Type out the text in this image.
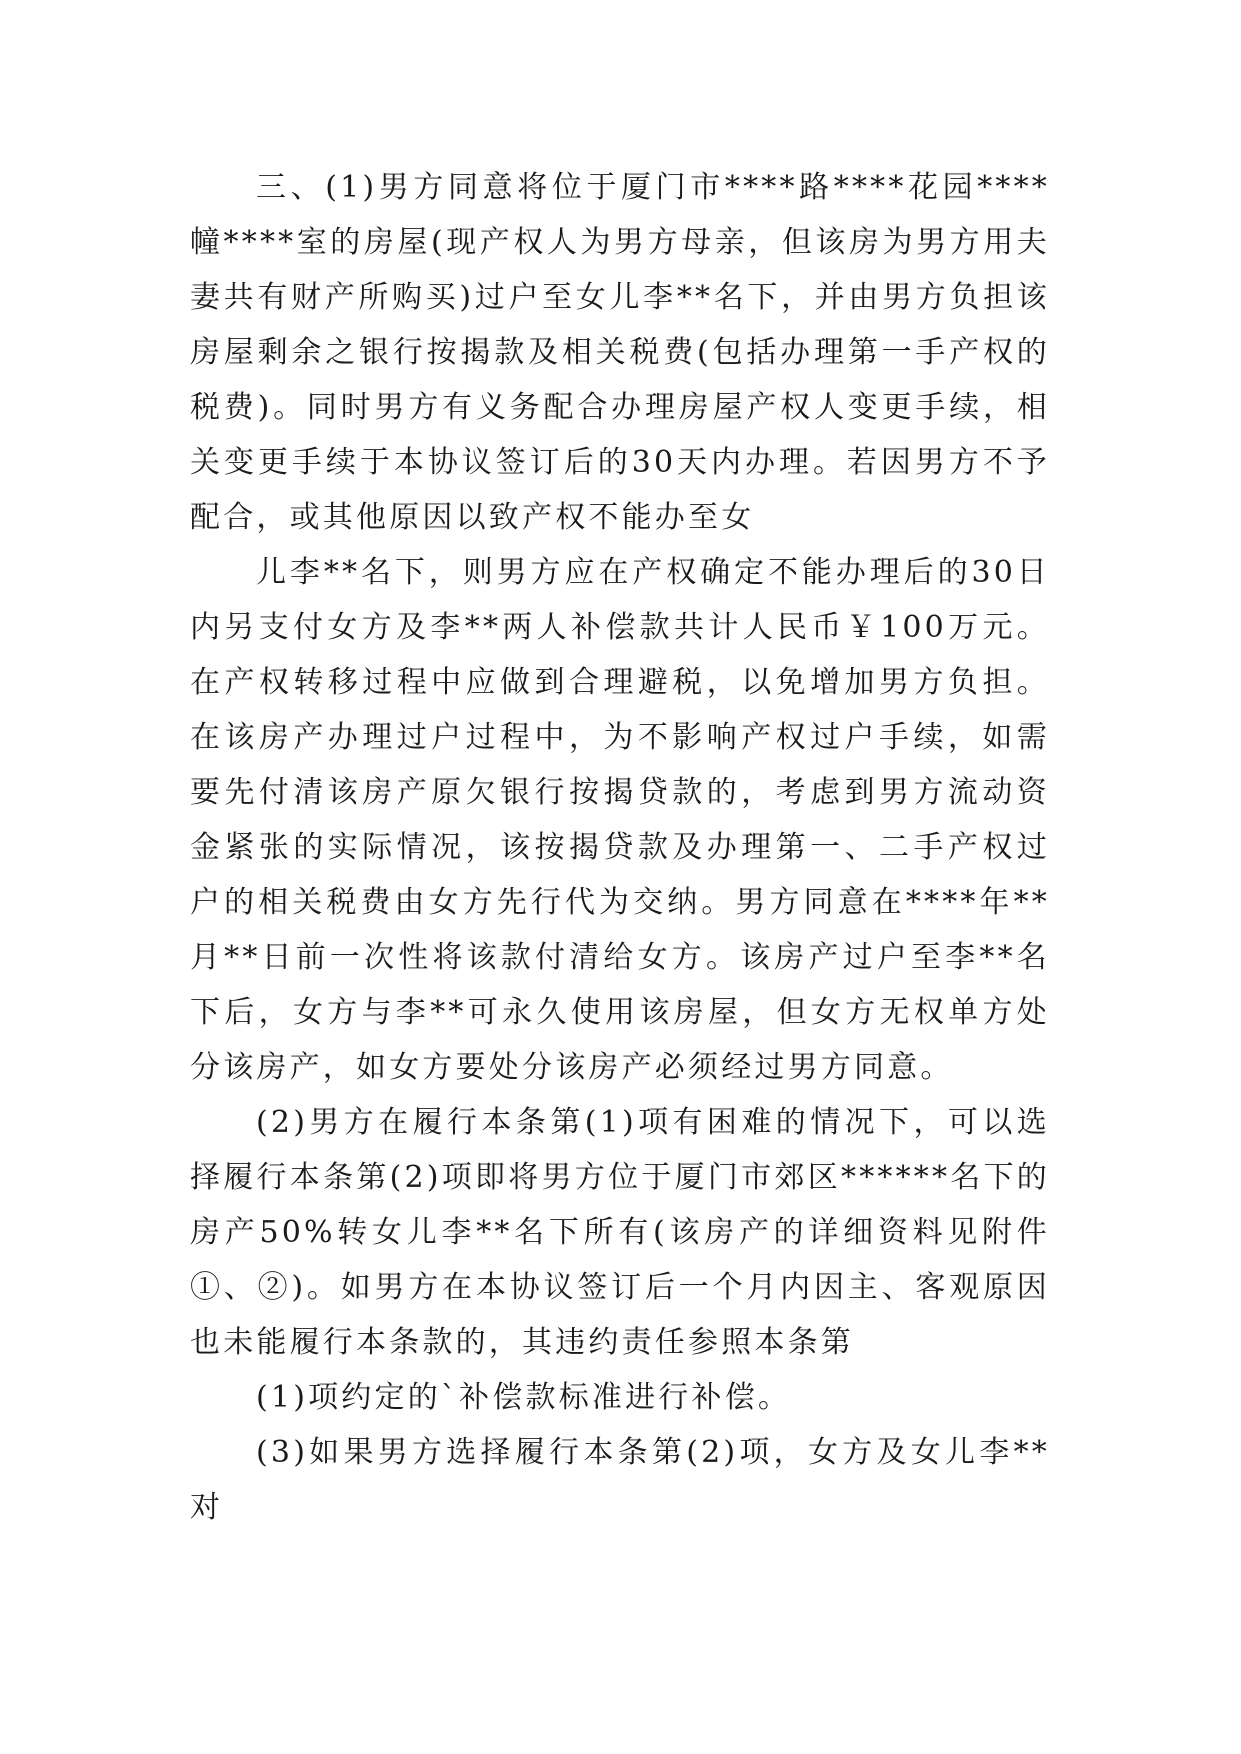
三、(1)男方同意将位于厦门市****路****花园****幢****室的房屋(现产权人为男方母亲，但该房为男方用夫妻共有财产所购买)过户至女儿李**名下，并由男方负担该房屋剩余之银行按揭款及相关税费(包括办理第一手产权的税费)。同时男方有义务配合办理房屋产权人变更手续，相关变更手续于本协议签订后的30天内办理。若因男方不予配合，或其他原因以致产权不能办至女

儿李**名下，则男方应在产权确定不能办理后的30日内另支付女方及李**两人补偿款共计人民币￥100万元。在产权转移过程中应做到合理避税，以免增加男方负担。在该房产办理过户过程中，为不影响产权过户手续，如需要先付清该房产原欠银行按揭贷款的，考虑到男方流动资金紧张的实际情况，该按揭贷款及办理第一、二手产权过户的相关税费由女方先行代为交纳。男方同意在****年**月**日前一次性将该款付清给女方。该房产过户至李**名下后，女方与李**可永久使用该房屋，但女方无权单方处分该房产，如女方要处分该房产必须经过男方同意。

(2)男方在履行本条第(1)项有困难的情况下，可以选择履行本条第(2)项即将男方位于厦门市郊区******名下的房产50%转女儿李**名下所有(该房产的详细资料见附件①、②)。如男方在本协议签订后一个月内因主、客观原因也未能履行本条款的，其违约责任参照本条第

(1)项约定的`补偿款标准进行补偿。

(3)如果男方选择履行本条第(2)项，女方及女儿李**对
